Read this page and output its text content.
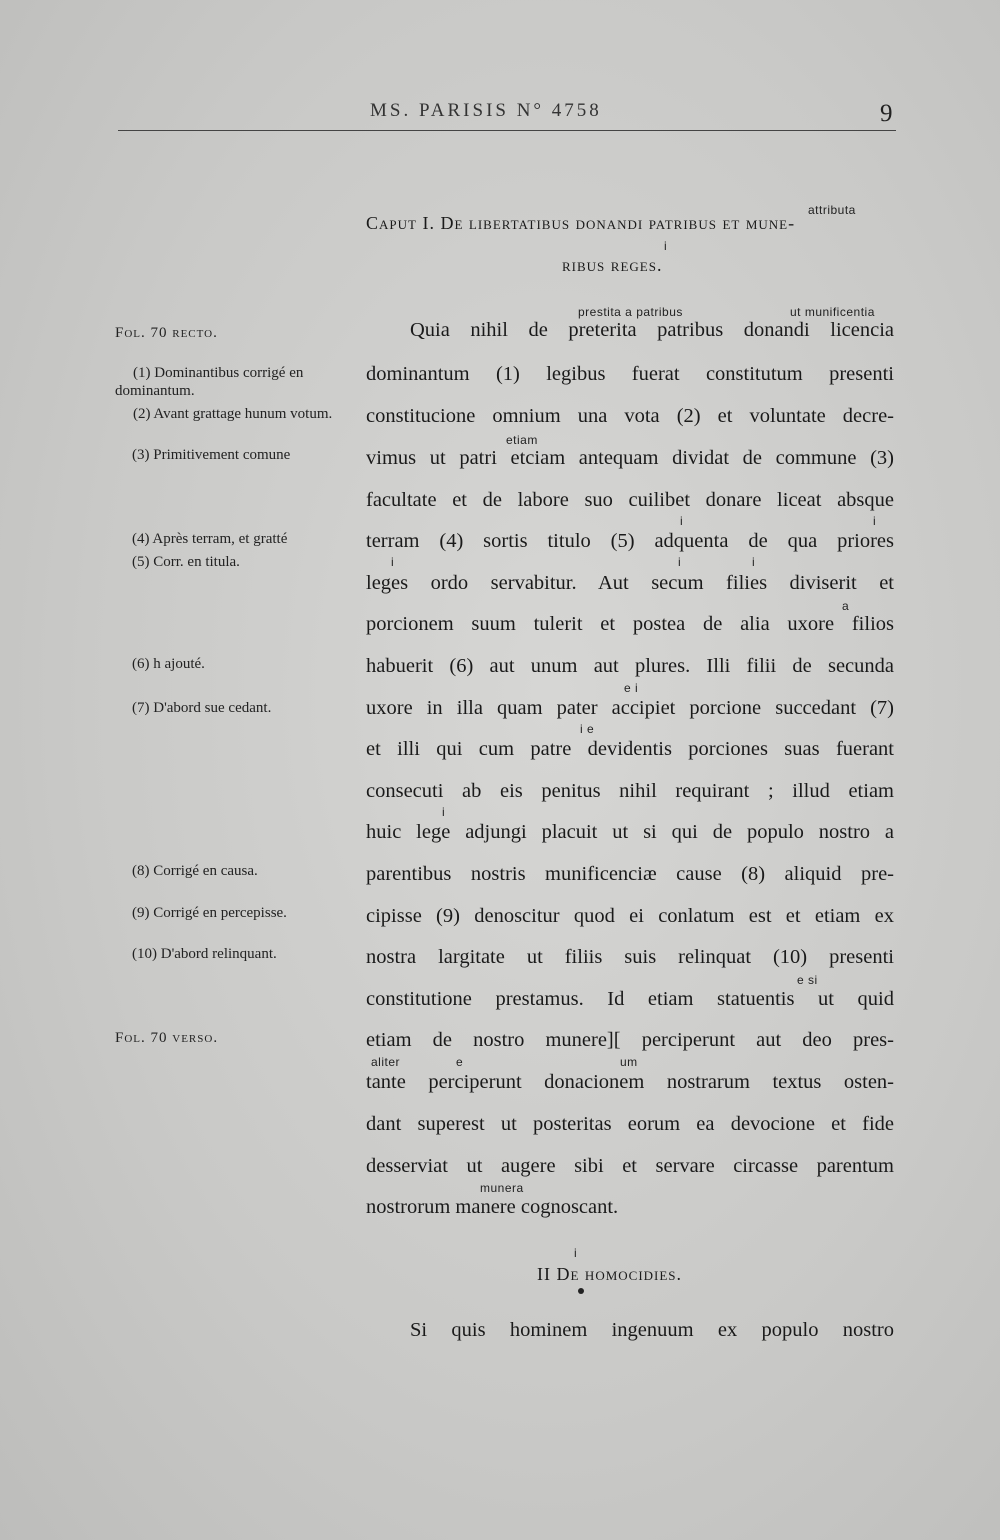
MS. PARISIS N° 4758	9
attributa
Caput I. De libertatibus donandi patribus et mune-
i
ribus reges.
prestita a patribus	ut munificentia
Quia nihil de preterita patribus donandi licencia
dominantum (1) legibus fuerat constitutum presenti
constitucione omnium una vota (2) et voluntate decre-
etiam
vimus ut patri etciam antequam dividat de commune (3)
facultate et de labore suo cuilibet donare liceat absque
i	i
terram (4) sortis titulo (5) adquenta de qua priores
i	i	i
leges ordo servabitur. Aut secum filies diviserit et
a
porcionem suum tulerit et postea de alia uxore filios
habuerit (6) aut unum aut plures. Illi filii de secunda
e i
uxore in illa quam pater accipiet porcione succedant (7)
i e
et illi qui cum patre devidentis porciones suas fuerant
consecuti ab eis penitus nihil requirant ; illud etiam
i
huic lege adjungi placuit ut si qui de populo nostro a
parentibus nostris munificenciæ cause (8) aliquid pre-
cipisse (9) denoscitur quod ei conlatum est et etiam ex
nostra largitate ut filiis suis relinquat (10) presenti
e si
constitutione prestamus. Id etiam statuentis ut quid
etiam de nostro munere][ perciperunt aut deo pres-
aliter	e	um
tante perciperunt donacionem nostrarum textus osten-
dant superest ut posteritas eorum ea devocione et fide
desserviat ut augere sibi et servare circasse parentum
munera
nostrorum manere cognoscant.
i
II De homocidies.
Si quis hominem ingenuum ex populo nostro
Fol. 70 recto.
(1) Dominantibus corrigé en dominantum.
(2) Avant grattage hunum votum.
(3) Primitivement comune
(4) Après terram, et gratté
(5) Corr. en titula.
(6) h ajouté.
(7) D'abord sue cedant.
(8) Corrigé en causa.
(9) Corrigé en percepisse.
(10) D'abord relinquant.
Fol. 70 verso.
